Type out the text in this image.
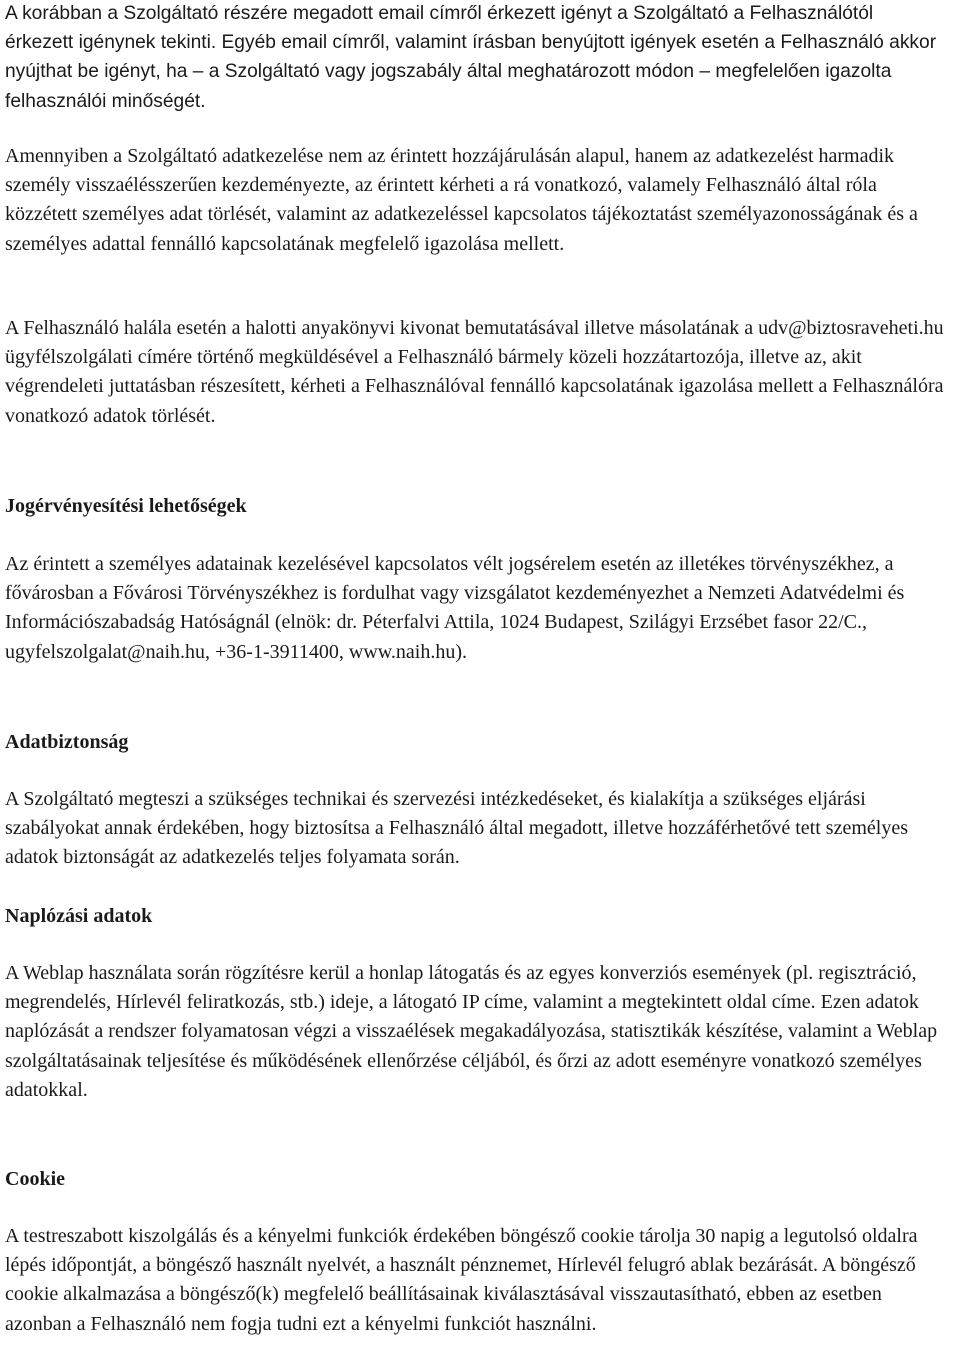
A korábban a Szolgáltató részére megadott email címről érkezett igényt a Szolgáltató a Felhasználótól érkezett igénynek tekinti. Egyéb email címről, valamint írásban benyújtott igények esetén a Felhasználó akkor nyújthat be igényt, ha – a Szolgáltató vagy jogszabály által meghatározott módon – megfelelően igazolta felhasználói minőségét.

Amennyiben a Szolgáltató adatkezelése nem az érintett hozzájárulásán alapul, hanem az adatkezelést harmadik személy visszaélésszerűen kezdeményezte, az érintett kérheti a rá vonatkozó, valamely Felhasználó által róla közzétett személyes adat törlését, valamint az adatkezeléssel kapcsolatos tájékoztatást személyazonosságának és a személyes adattal fennálló kapcsolatának megfelelő igazolása mellett.

A Felhasználó halála esetén a halotti anyakönyvi kivonat bemutatásával illetve másolatának a udv@biztosraveheti.hu ügyfélszolgálati címére történő megküldésével a Felhasználó bármely közeli hozzátartozója, illetve az, akit végrendeleti juttatásban részesített, kérheti a Felhasználóval fennálló kapcsolatának igazolása mellett a Felhasználóra vonatkozó adatok törlését.

Jogérvényesítési lehetőségek

Az érintett a személyes adatainak kezelésével kapcsolatos vélt jogsérelem esetén az illetékes törvényszékhez, a fővárosban a Fővárosi Törvényszékhez is fordulhat vagy vizsgálatot kezdeményezhet a Nemzeti Adatvédelmi és Információszabadság Hatóságnál (elnök: dr. Péterfalvi Attila, 1024 Budapest, Szilágyi Erzsébet fasor 22/C., ugyfelszolgalat@naih.hu, +36-1-3911400, www.naih.hu).

Adatbiztonság

A Szolgáltató megteszi a szükséges technikai és szervezési intézkedéseket, és kialakítja a szükséges eljárási szabályokat annak érdekében, hogy biztosítsa a Felhasználó által megadott, illetve hozzáférhetővé tett személyes adatok biztonságát az adatkezelés teljes folyamata során.

Naplózási adatok

A Weblap használata során rögzítésre kerül a honlap látogatás és az egyes konverziós események (pl. regisztráció, megrendelés, Hírlevél feliratkozás, stb.) ideje, a látogató IP címe, valamint a megtekintett oldal címe. Ezen adatok naplózását a rendszer folyamatosan végzi a visszaélések megakadályozása, statisztikák készítése, valamint a Weblap szolgáltatásainak teljesítése és működésének ellenőrzése céljából, és őrzi az adott eseményre vonatkozó személyes adatokkal.

Cookie

A testreszabott kiszolgálás és a kényelmi funkciók érdekében böngésző cookie tárolja 30 napig a legutolsó oldalra lépés időpontját, a böngésző használt nyelvét, a használt pénznemet, Hírlevél felugró ablak bezárását. A böngésző cookie alkalmazása a böngésző(k) megfelelő beállításainak kiválasztásával visszautasítható, ebben az esetben azonban a Felhasználó nem fogja tudni ezt a kényelmi funkciót használni.
